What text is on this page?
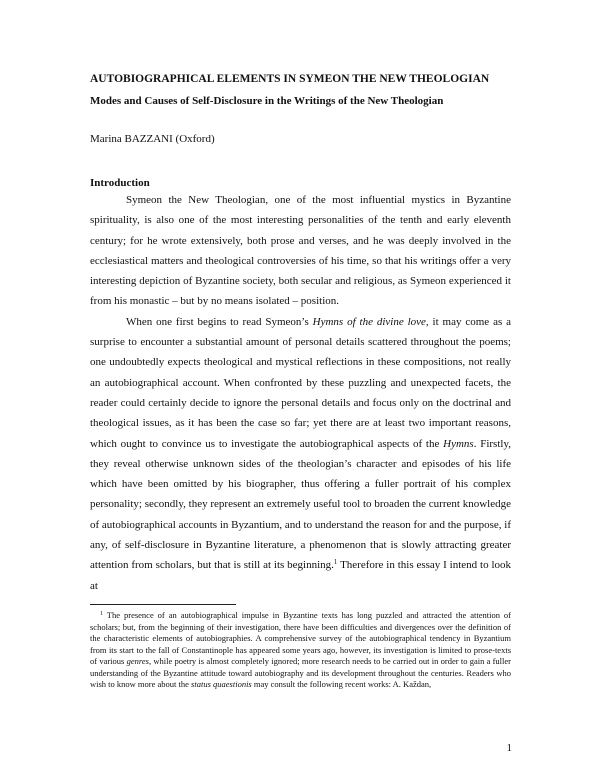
AUTOBIOGRAPHICAL ELEMENTS IN SYMEON THE NEW THEOLOGIAN
Modes and Causes of Self-Disclosure in the Writings of the New Theologian
Marina BAZZANI (Oxford)
Introduction

Symeon the New Theologian, one of the most influential mystics in Byzantine spirituality, is also one of the most interesting personalities of the tenth and early eleventh century; for he wrote extensively, both prose and verses, and he was deeply involved in the ecclesiastical matters and theological controversies of his time, so that his writings offer a very interesting depiction of Byzantine society, both secular and religious, as Symeon experienced it from his monastic – but by no means isolated – position.

When one first begins to read Symeon’s Hymns of the divine love, it may come as a surprise to encounter a substantial amount of personal details scattered throughout the poems; one undoubtedly expects theological and mystical reflections in these compositions, not really an autobiographical account. When confronted by these puzzling and unexpected facets, the reader could certainly decide to ignore the personal details and focus only on the doctrinal and theological issues, as it has been the case so far; yet there are at least two important reasons, which ought to convince us to investigate the autobiographical aspects of the Hymns. Firstly, they reveal otherwise unknown sides of the theologian’s character and episodes of his life which have been omitted by his biographer, thus offering a fuller portrait of his complex personality; secondly, they represent an extremely useful tool to broaden the current knowledge of autobiographical accounts in Byzantium, and to understand the reason for and the purpose, if any, of self-disclosure in Byzantine literature, a phenomenon that is slowly attracting greater attention from scholars, but that is still at its beginning.$^1$ Therefore in this essay I intend to look at

$^1$ The presence of an autobiographical impulse in Byzantine texts has long puzzled and attracted the attention of scholars; but, from the beginning of their investigation, there have been difficulties and divergences over the definition of the characteristic elements of autobiographies. A comprehensive survey of the autobiographical tendency in Byzantium from its start to the fall of Constantinople has appeared some years ago, however, its investigation is limited to prose-texts of various genres, while poetry is almost completely ignored; more research needs to be carried out in order to gain a fuller understanding of the Byzantine attitude toward autobiography and its development throughout the centuries. Readers who wish to know more about the status quaestionis may consult the following recent works: A. Každan,
1
